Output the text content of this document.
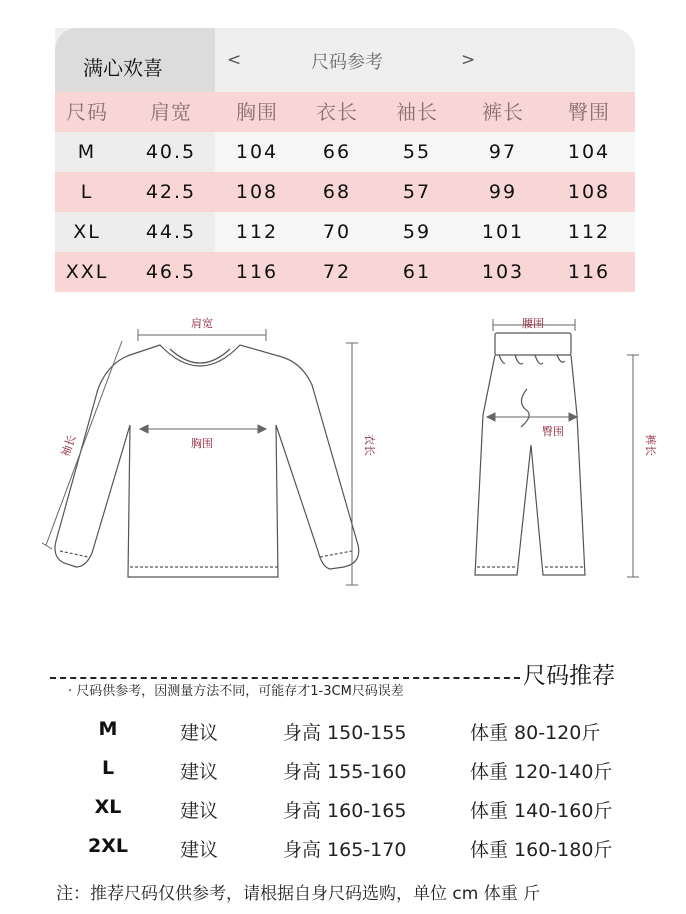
满心欢喜	<	尺码参考	>
尺码	肩宽	胸围	衣长	袖长	裤长	臀围
M	40.5	104	66	55	97	104
L	42.5	108	68	57	99	108
XL	44.5	112	70	59	101	112
XXL	46.5	116	72	61	103	116
肩宽
胸围
袖长	衣长
腰围
臀围
裤长
尺码推荐
· 尺码供参考，因测量方法不同，可能存才1-3CM尺码误差
M	建议	身高 150-155	体重 80-120斤
L	建议	身高 155-160	体重 120-140斤
XL	建议	身高 160-165	体重 140-160斤
2XL	建议	身高 165-170	体重 160-180斤
注：推荐尺码仅供参考，请根据自身尺码选购，单位 cm 体重 斤
